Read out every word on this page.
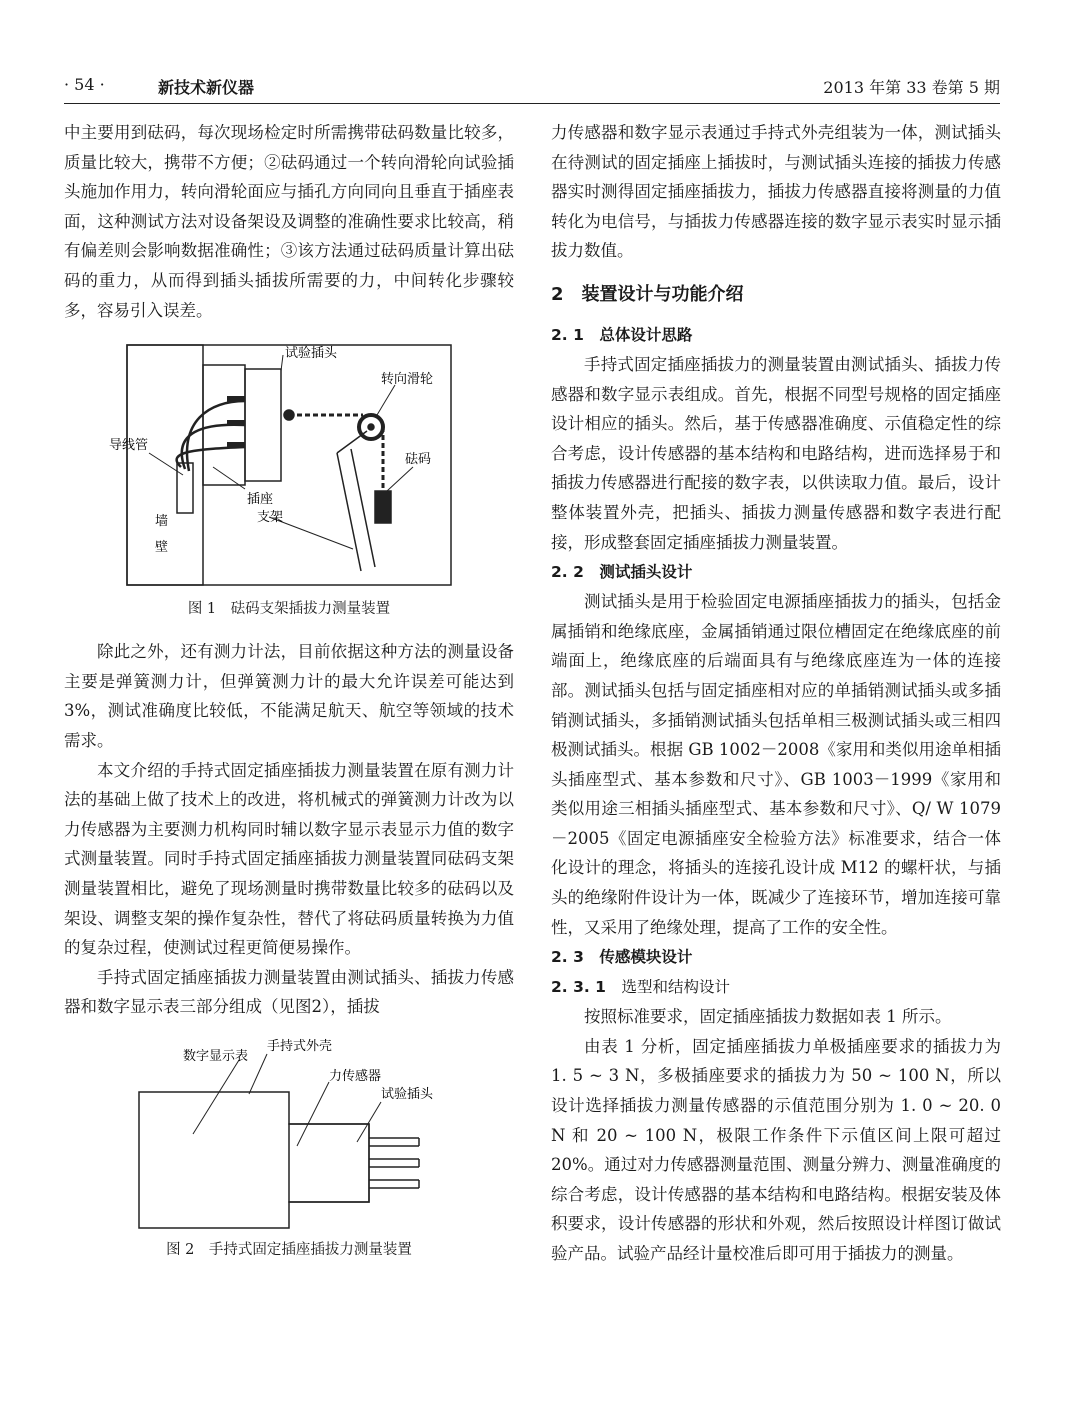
· 54 ·	新技术新仪器	2013 年第 33 卷第 5 期

中主要用到砝码，每次现场检定时所需携带砝码数量比较多，质量比较大，携带不方便；②砝码通过一个转向滑轮向试验插头施加作用力，转向滑轮面应与插孔方向同向且垂直于插座表面，这种测试方法对设备架设及调整的准确性要求比较高，稍有偏差则会影响数据准确性；③该方法通过砝码质量计算出砝码的重力，从而得到插头插拔所需要的力，中间转化步骤较多，容易引入误差。

试验插头
转向滑轮
导线管
砝码
插座
墙
壁
支架
图 1　砝码支架插拔力测量装置

除此之外，还有测力计法，目前依据这种方法的测量设备主要是弹簧测力计，但弹簧测力计的最大允许误差可能达到 3%，测试准确度比较低，不能满足航天、航空等领域的技术需求。

本文介绍的手持式固定插座插拔力测量装置在原有测力计法的基础上做了技术上的改进，将机械式的弹簧测力计改为以力传感器为主要测力机构同时辅以数字显示表显示力值的数字式测量装置。同时手持式固定插座插拔力测量装置同砝码支架测量装置相比，避免了现场测量时携带数量比较多的砝码以及架设、调整支架的操作复杂性，替代了将砝码质量转换为力值的复杂过程，使测试过程更简便易操作。

手持式固定插座插拔力测量装置由测试插头、插拔力传感器和数字显示表三部分组成（见图2），插拔

数字显示表
手持式外壳
力传感器
试验插头
图 2　手持式固定插座插拔力测量装置

力传感器和数字显示表通过手持式外壳组装为一体，测试插头在待测试的固定插座上插拔时，与测试插头连接的插拔力传感器实时测得固定插座插拔力，插拔力传感器直接将测量的力值转化为电信号，与插拔力传感器连接的数字显示表实时显示插拔力数值。

2　装置设计与功能介绍
2. 1　总体设计思路

手持式固定插座插拔力的测量装置由测试插头、插拔力传感器和数字显示表组成。首先，根据不同型号规格的固定插座设计相应的插头。然后，基于传感器准确度、示值稳定性的综合考虑，设计传感器的基本结构和电路结构，进而选择易于和插拔力传感器进行配接的数字表，以供读取力值。最后，设计整体装置外壳，把插头、插拔力测量传感器和数字表进行配接，形成整套固定插座插拔力测量装置。

2. 2　测试插头设计

测试插头是用于检验固定电源插座插拔力的插头，包括金属插销和绝缘底座，金属插销通过限位槽固定在绝缘底座的前端面上，绝缘底座的后端面具有与绝缘底座连为一体的连接部。测试插头包括与固定插座相对应的单插销测试插头或多插销测试插头，多插销测试插头包括单相三极测试插头或三相四极测试插头。根据 GB 1002－2008《家用和类似用途单相插头插座型式、基本参数和尺寸》、GB 1003－1999《家用和类似用途三相插头插座型式、基本参数和尺寸》、Q/ W 1079－2005《固定电源插座安全检验方法》标准要求，结合一体化设计的理念，将插头的连接孔设计成 M12 的螺杆状，与插头的绝缘附件设计为一体，既减少了连接环节，增加连接可靠性，又采用了绝缘处理，提高了工作的安全性。

2. 3　传感模块设计
2. 3. 1　 选型和结构设计

按照标准要求，固定插座插拔力数据如表 1 所示。

由表 1 分析，固定插座插拔力单极插座要求的插拔力为 1. 5 ~ 3 N，多极插座要求的插拔力为 50 ~ 100 N，所以设计选择插拔力测量传感器的示值范围分别为 1. 0 ~ 20. 0 N 和 20 ~ 100 N，极限工作条件下示值区间上限可超过 20%。通过对力传感器测量范围、测量分辨力、测量准确度的综合考虑，设计传感器的基本结构和电路结构。根据安装及体积要求，设计传感器的形状和外观，然后按照设计样图订做试验产品。试验产品经计量校准后即可用于插拔力的测量。
